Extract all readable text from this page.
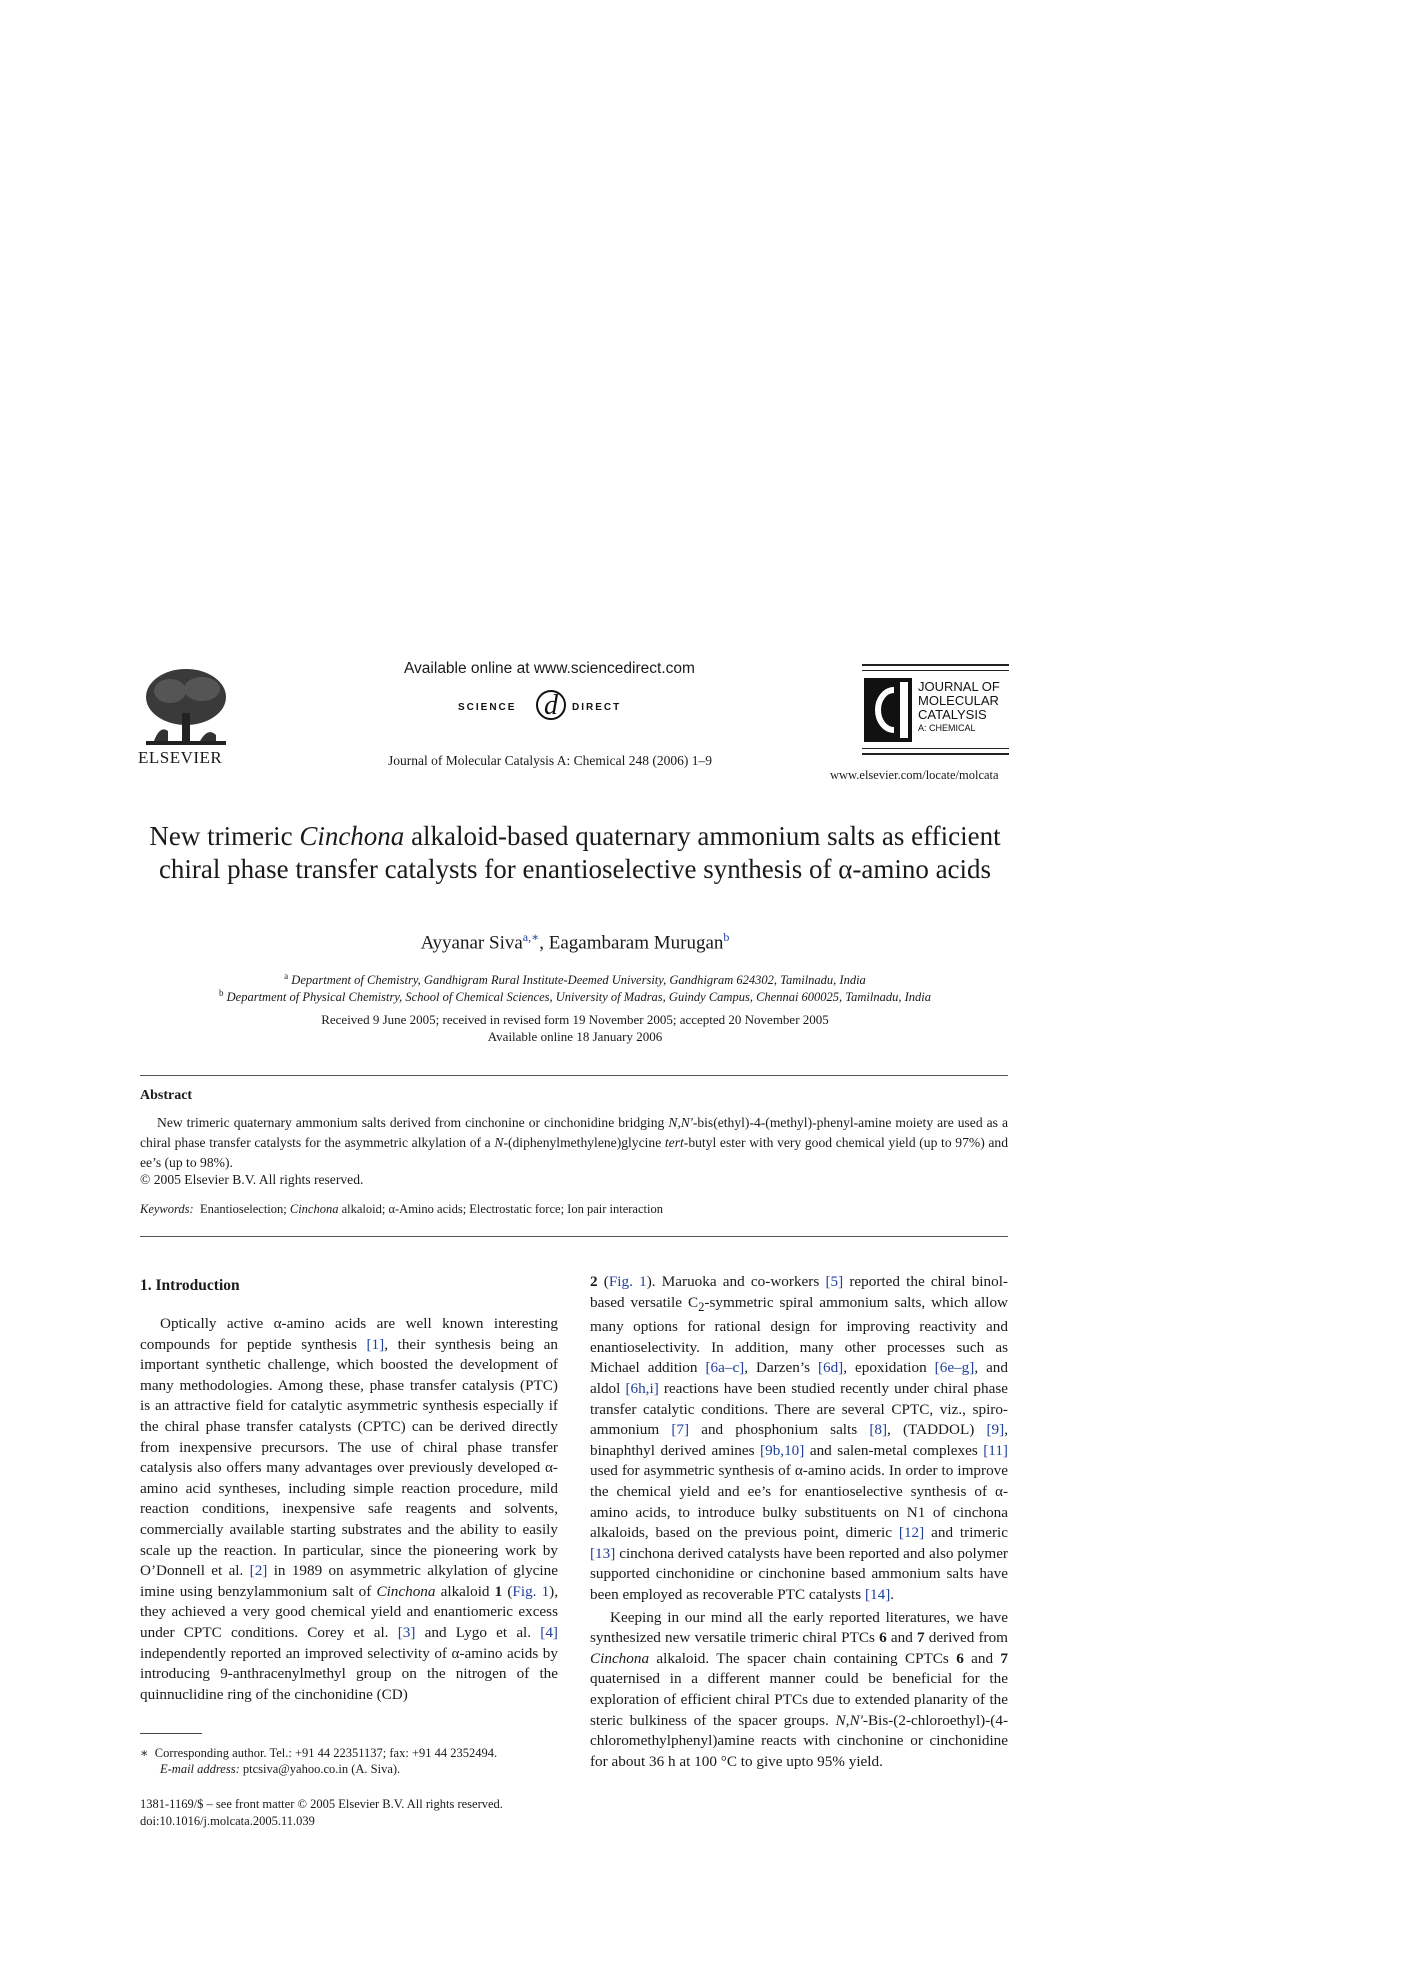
ELSEVIER
Available online at www.sciencedirect.com
SCIENCE d DIRECT
Journal of Molecular Catalysis A: Chemical 248 (2006) 1–9
JOURNAL OF
MOLECULAR
CATALYSIS
A: CHEMICAL
www.elsevier.com/locate/molcata
New trimeric Cinchona alkaloid-based quaternary ammonium salts as efficient chiral phase transfer catalysts for enantioselective synthesis of α-amino acids
Ayyanar Siva$^{a,∗}$, Eagambaram Murugan$^b$
$^a$ Department of Chemistry, Gandhigram Rural Institute-Deemed University, Gandhigram 624302, Tamilnadu, India
$^b$ Department of Physical Chemistry, School of Chemical Sciences, University of Madras, Guindy Campus, Chennai 600025, Tamilnadu, India
Received 9 June 2005; received in revised form 19 November 2005; accepted 20 November 2005
Available online 18 January 2006
Abstract
New trimeric quaternary ammonium salts derived from cinchonine or cinchonidine bridging N,N′-bis(ethyl)-4-(methyl)-phenyl-amine moiety are used as a chiral phase transfer catalysts for the asymmetric alkylation of a N-(diphenylmethylene)glycine tert-butyl ester with very good chemical yield (up to 97%) and ee’s (up to 98%).
© 2005 Elsevier B.V. All rights reserved.
Keywords: Enantioselection; Cinchona alkaloid; α-Amino acids; Electrostatic force; Ion pair interaction
1. Introduction

Optically active α-amino acids are well known interesting compounds for peptide synthesis [1], their synthesis being an important synthetic challenge, which boosted the development of many methodologies. Among these, phase transfer catalysis (PTC) is an attractive field for catalytic asymmetric synthesis especially if the chiral phase transfer catalysts (CPTC) can be derived directly from inexpensive precursors. The use of chiral phase transfer catalysis also offers many advantages over previously developed α-amino acid syntheses, including simple reaction procedure, mild reaction conditions, inexpensive safe reagents and solvents, commercially available starting substrates and the ability to easily scale up the reaction. In particular, since the pioneering work by O’Donnell et al. [2] in 1989 on asymmetric alkylation of glycine imine using benzylammonium salt of Cinchona alkaloid 1 (Fig. 1), they achieved a very good chemical yield and enantiomeric excess under CPTC conditions. Corey et al. [3] and Lygo et al. [4] independently reported an improved selectivity of α-amino acids by introducing 9-anthracenylmethyl group on the nitrogen of the quinnuclidine ring of the cinchonidine (CD)

2 (Fig. 1). Maruoka and co-workers [5] reported the chiral binol-based versatile $C_2$-symmetric spiral ammonium salts, which allow many options for rational design for improving reactivity and enantioselectivity. In addition, many other processes such as Michael addition [6a–c], Darzen’s [6d], epoxidation [6e–g], and aldol [6h,i] reactions have been studied recently under chiral phase transfer catalytic conditions. There are several CPTC, viz., spiro-ammonium [7] and phosphonium salts [8], (TADDOL) [9], binaphthyl derived amines [9b,10] and salen-metal complexes [11] used for asymmetric synthesis of α-amino acids. In order to improve the chemical yield and ee’s for enantioselective synthesis of α-amino acids, to introduce bulky substituents on N1 of cinchona alkaloids, based on the previous point, dimeric [12] and trimeric [13] cinchona derived catalysts have been reported and also polymer supported cinchonidine or cinchonine based ammonium salts have been employed as recoverable PTC catalysts [14].

Keeping in our mind all the early reported literatures, we have synthesized new versatile trimeric chiral PTCs 6 and 7 derived from Cinchona alkaloid. The spacer chain containing CPTCs 6 and 7 quaternised in a different manner could be beneficial for the exploration of efficient chiral PTCs due to extended planarity of the steric bulkiness of the spacer groups. N,N′-Bis-(2-chloroethyl)-(4-chloromethylphenyl)amine reacts with cinchonine or cinchonidine for about 36 h at 100 °C to give upto 95% yield.

∗ Corresponding author. Tel.: +91 44 22351137; fax: +91 44 2352494.
E-mail address: ptcsiva@yahoo.co.in (A. Siva).
1381-1169/$ – see front matter © 2005 Elsevier B.V. All rights reserved.
doi:10.1016/j.molcata.2005.11.039
